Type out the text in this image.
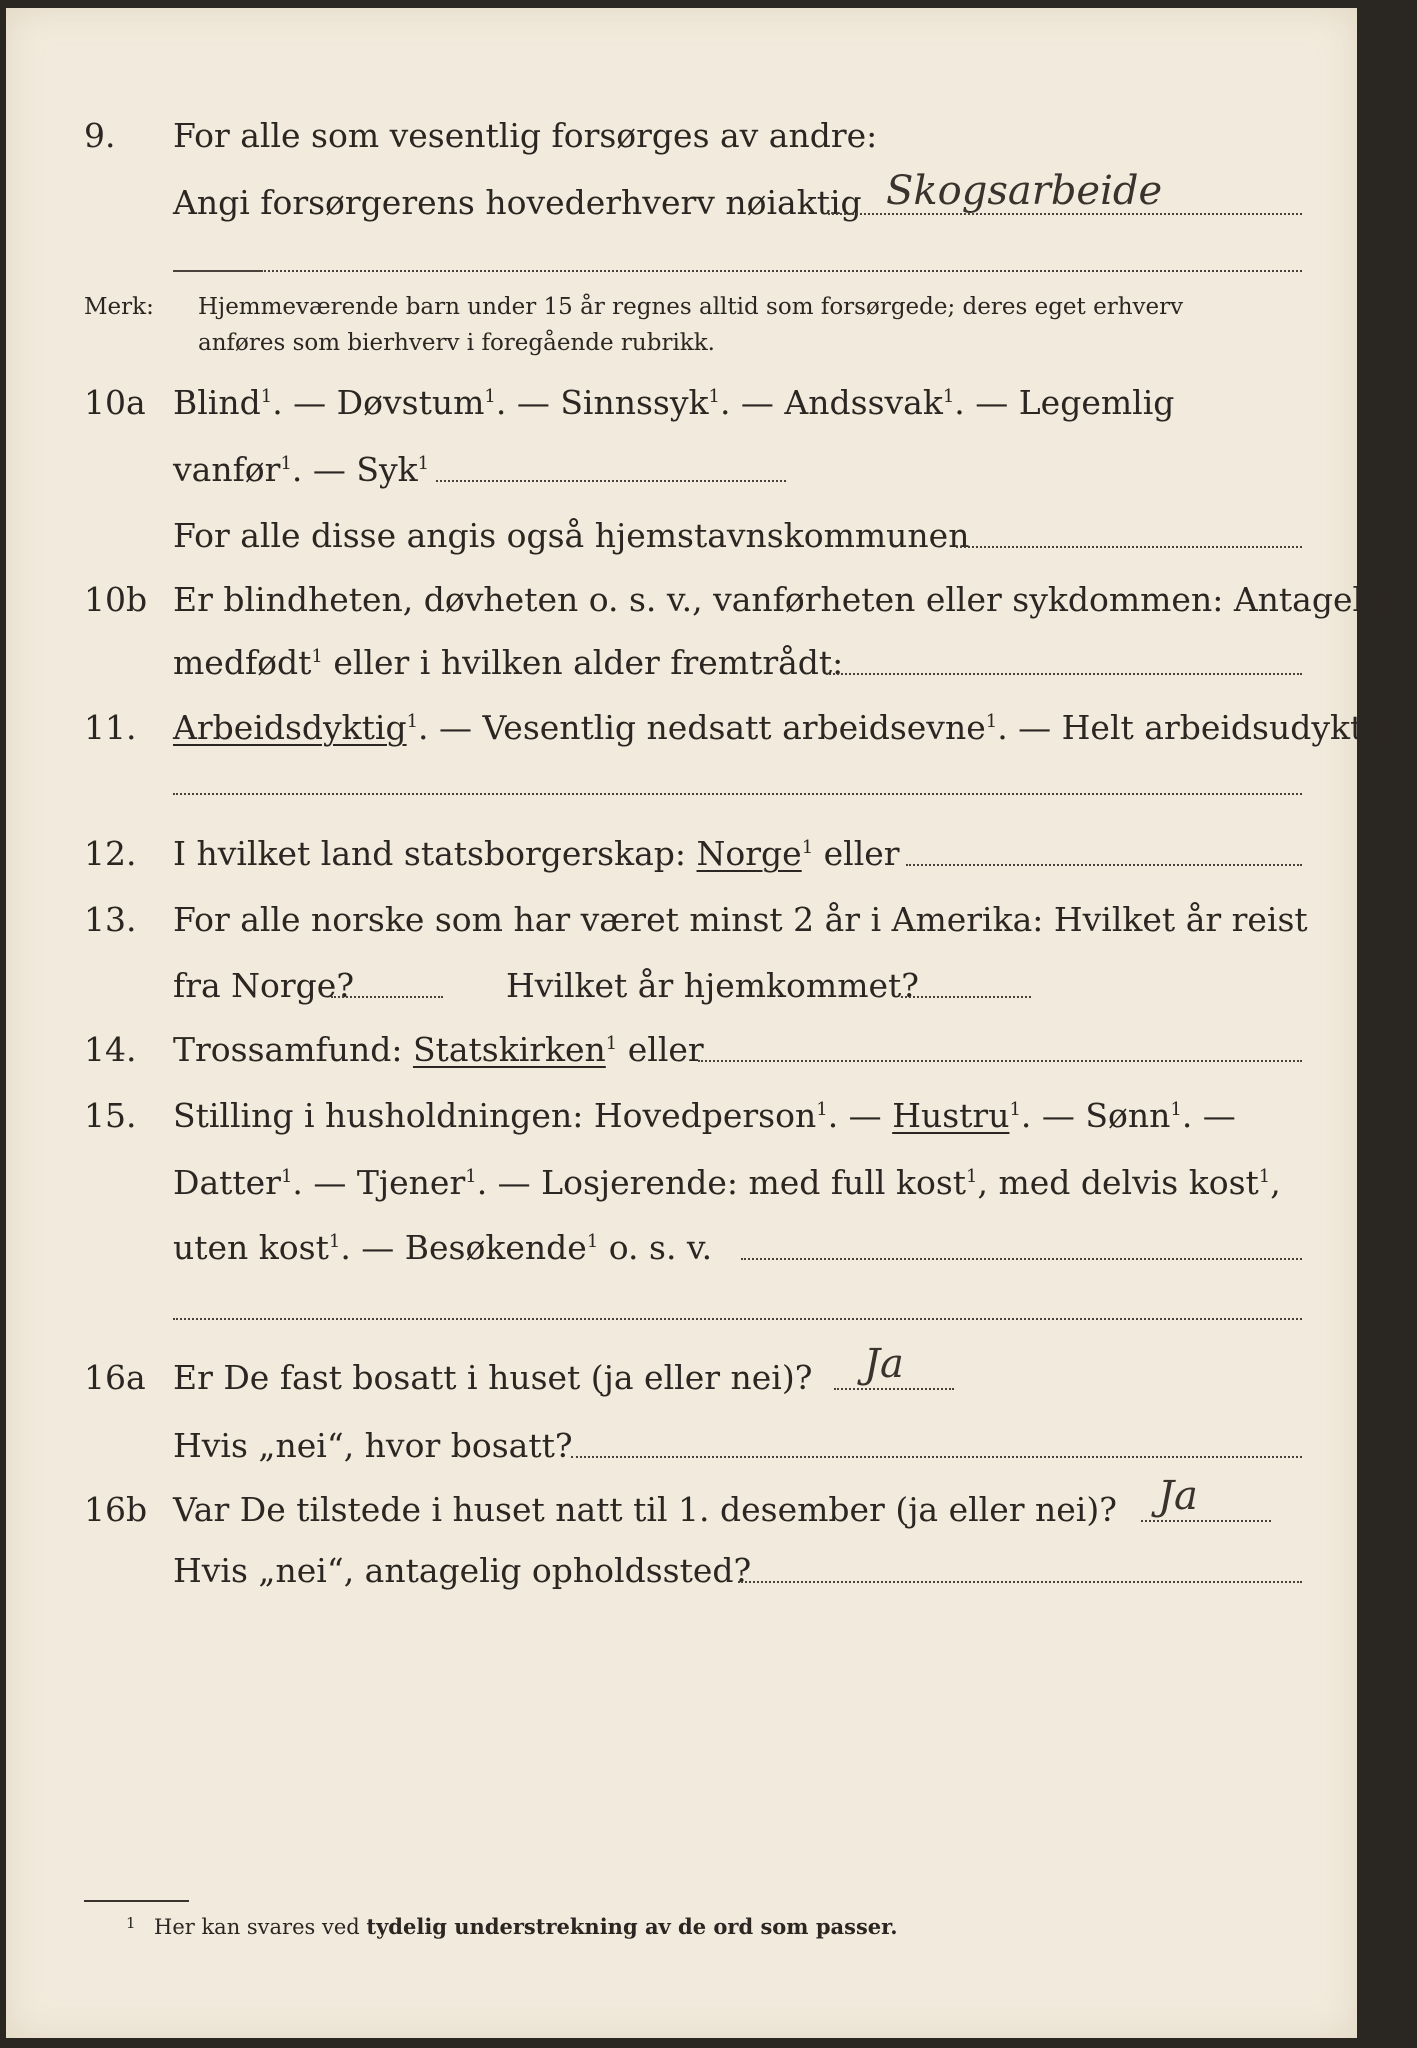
9. For alle som vesentlig forsørges av andre:
Angi forsørgerens hovederhverv nøiaktig Skogsarbeide
Merk: Hjemmeværende barn under 15 år regnes alltid som forsørgede; deres eget erhverv
anføres som bierhverv i foregående rubrikk.
10a Blind$^1$. — Døvstum$^1$. — Sinnssyk$^1$. — Andssvak$^1$. — Legemlig
vanfør$^1$. — Syk$^1$
For alle disse angis også hjemstavnskommunen
10b Er blindheten, døvheten o. s. v., vanførheten eller sykdommen: Antagelig
medfødt$^1$ eller i hvilken alder fremtrådt:
11. Arbeidsdyktig$^1$. — Vesentlig nedsatt arbeidsevne$^1$. — Helt arbeidsudyktig$^1$.
12. I hvilket land statsborgerskap: Norge$^1$ eller
13. For alle norske som har været minst 2 år i Amerika: Hvilket år reist
fra Norge?	Hvilket år hjemkommet?
14. Trossamfund: Statskirken$^1$ eller
15. Stilling i husholdningen: Hovedperson$^1$. — Hustru$^1$. — Sønn$^1$. —
Datter$^1$. — Tjener$^1$. — Losjerende: med full kost$^1$, med delvis kost$^1$,
uten kost$^1$. — Besøkende$^1$ o. s. v.
16a Er De fast bosatt i huset (ja eller nei)? Ja
Hvis „nei“, hvor bosatt?
16b Var De tilstede i huset natt til 1. desember (ja eller nei)? Ja
Hvis „nei“, antagelig opholdssted?
1 Her kan svares ved tydelig understrekning av de ord som passer.
